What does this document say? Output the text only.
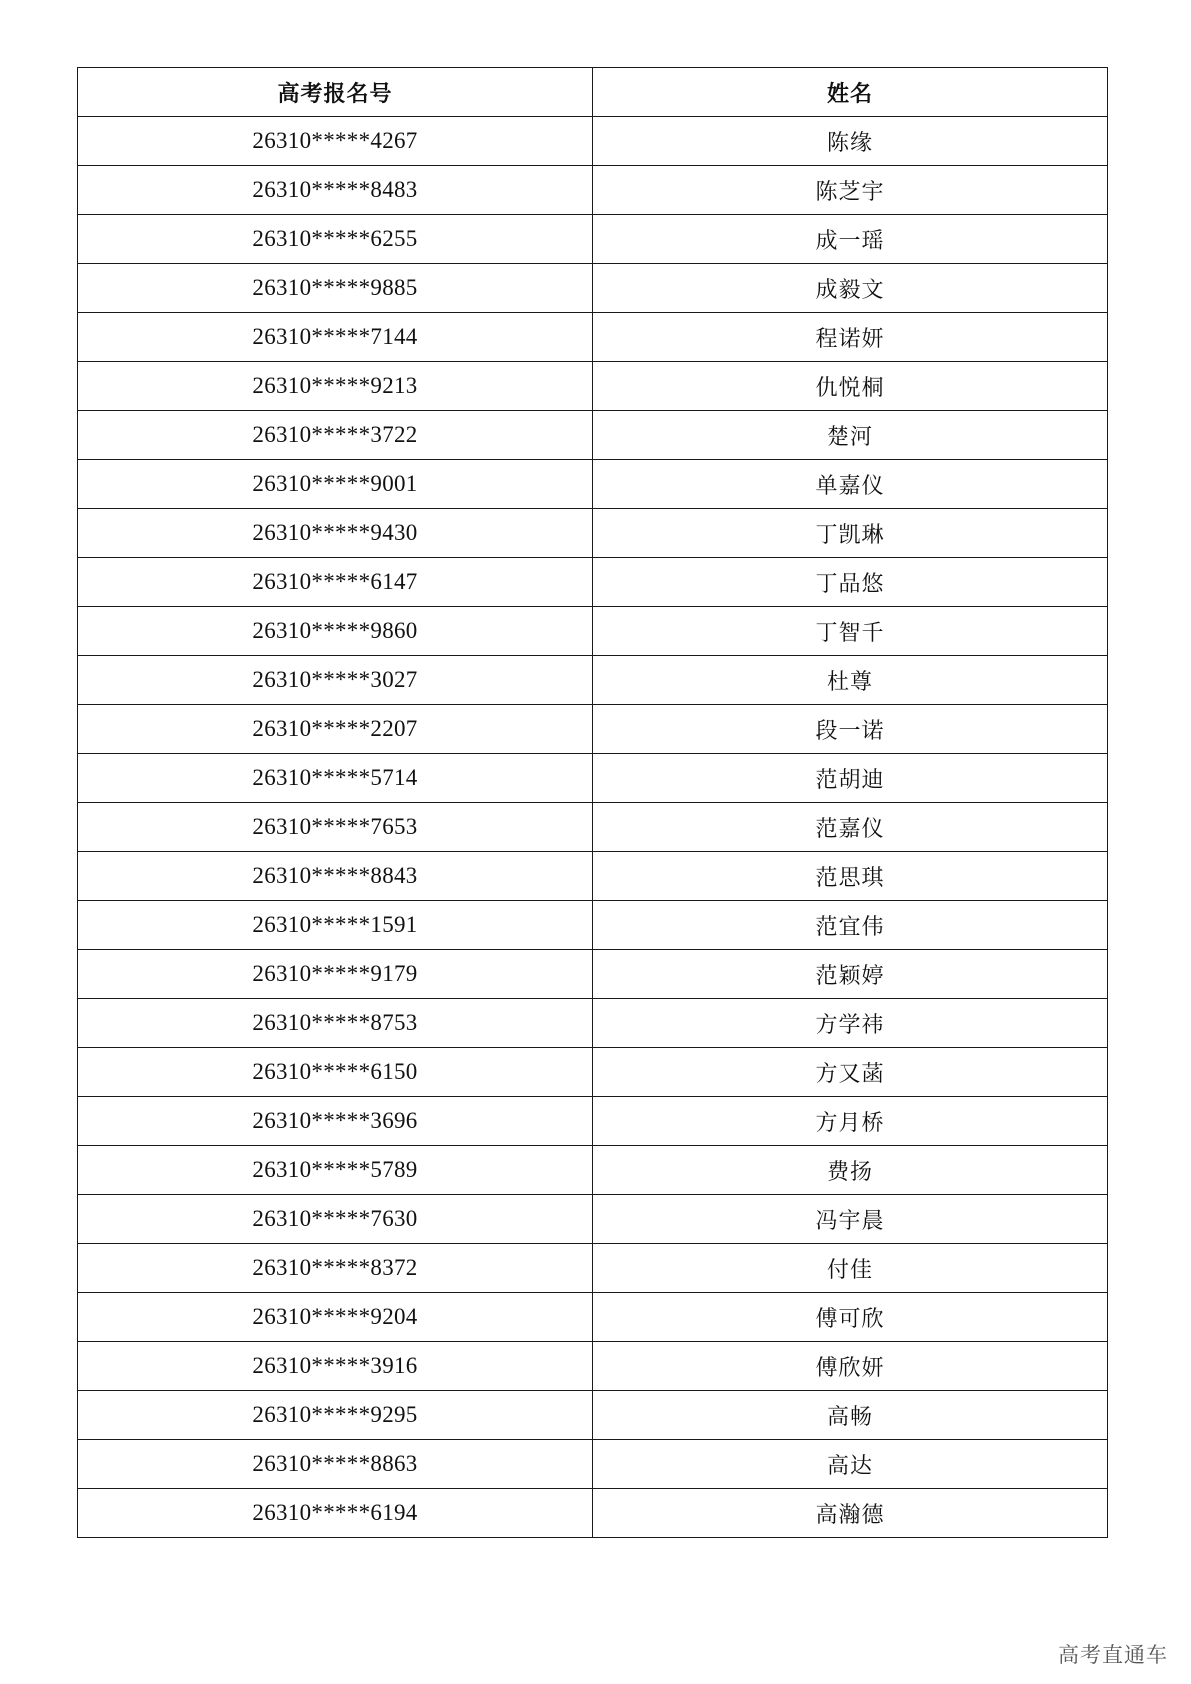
高考报名号	姓名
26310*****4267	陈缘
26310*****8483	陈芝宇
26310*****6255	成一瑶
26310*****9885	成毅文
26310*****7144	程诺妍
26310*****9213	仇悦桐
26310*****3722	楚河
26310*****9001	单嘉仪
26310*****9430	丁凯琳
26310*****6147	丁品悠
26310*****9860	丁智千
26310*****3027	杜尊
26310*****2207	段一诺
26310*****5714	范胡迪
26310*****7653	范嘉仪
26310*****8843	范思琪
26310*****1591	范宜伟
26310*****9179	范颖婷
26310*****8753	方学祎
26310*****6150	方又菡
26310*****3696	方月桥
26310*****5789	费扬
26310*****7630	冯宇晨
26310*****8372	付佳
26310*****9204	傅可欣
26310*****3916	傅欣妍
26310*****9295	高畅
26310*****8863	高达
26310*****6194	高瀚德
高考直通车
